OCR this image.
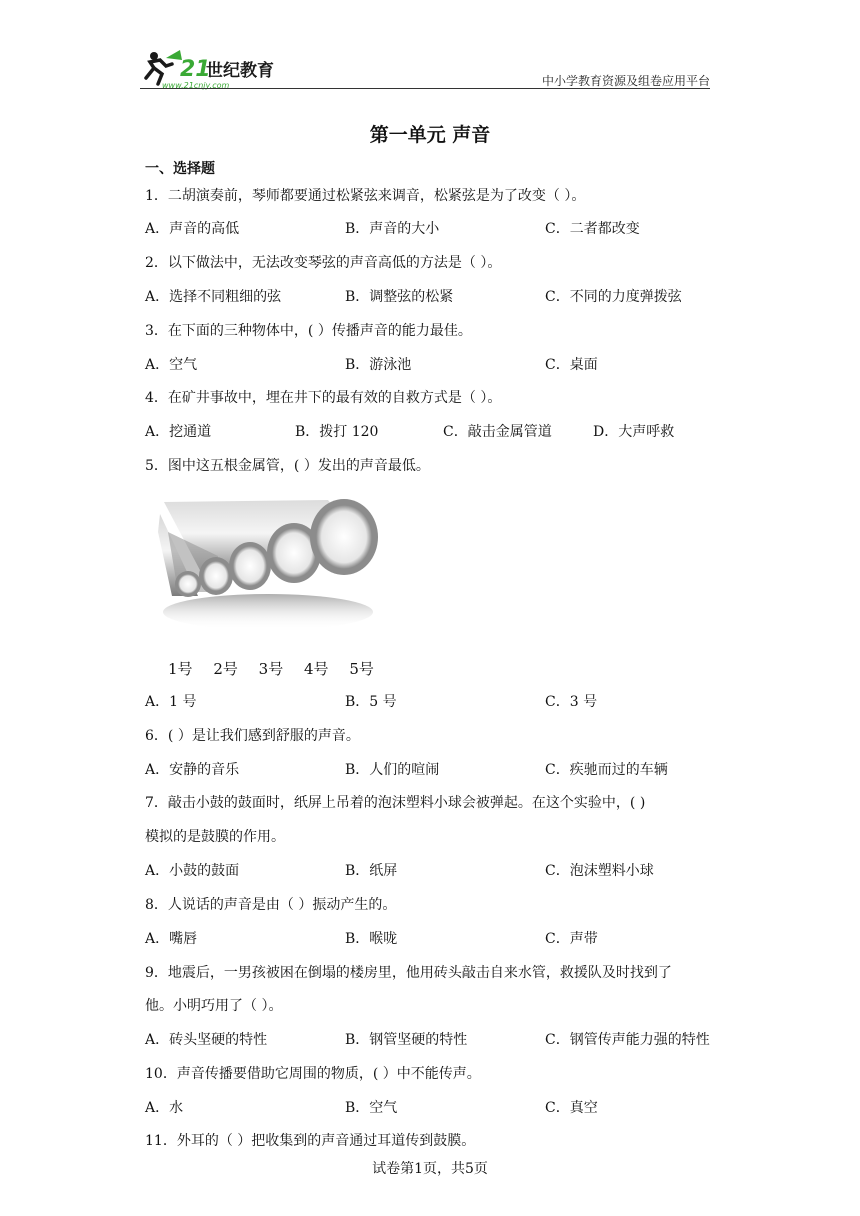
21
世纪教育
www.21cnjy.com	中小学教育资源及组卷应用平台
第一单元 声音
一、选择题
1．二胡演奏前，琴师都要通过松紧弦来调音，松紧弦是为了改变（ ）。
A．声音的高低	B．声音的大小	C．二者都改变
2．以下做法中，无法改变琴弦的声音高低的方法是（ ）。
A．选择不同粗细的弦	B．调整弦的松紧	C．不同的力度弹拨弦
3．在下面的三种物体中，( ）传播声音的能力最佳。
A．空气	B．游泳池	C．桌面
4．在矿井事故中，埋在井下的最有效的自救方式是（ ）。
A．挖通道	B．拨打 120	C．敲击金属管道	D．大声呼救
5．图中这五根金属管，( ）发出的声音最低。
1号 2号 3号 4号 5号
A．1 号	B．5 号	C．3 号
6．( ）是让我们感到舒服的声音。
A．安静的音乐	B．人们的喧闹	C．疾驰而过的车辆
7．敲击小鼓的鼓面时，纸屏上吊着的泡沫塑料小球会被弹起。在这个实验中，( )
模拟的是鼓膜的作用。
A．小鼓的鼓面	B．纸屏	C．泡沫塑料小球
8．人说话的声音是由（ ）振动产生的。
A．嘴唇	B．喉咙	C．声带
9．地震后，一男孩被困在倒塌的楼房里，他用砖头敲击自来水管，救援队及时找到了
他。小明巧用了（ ）。
A．砖头坚硬的特性	B．钢管坚硬的特性	C．钢管传声能力强的特性
10．声音传播要借助它周围的物质，( ）中不能传声。
A．水	B．空气	C．真空
11．外耳的（ ）把收集到的声音通过耳道传到鼓膜。
试卷第1页，共5页
